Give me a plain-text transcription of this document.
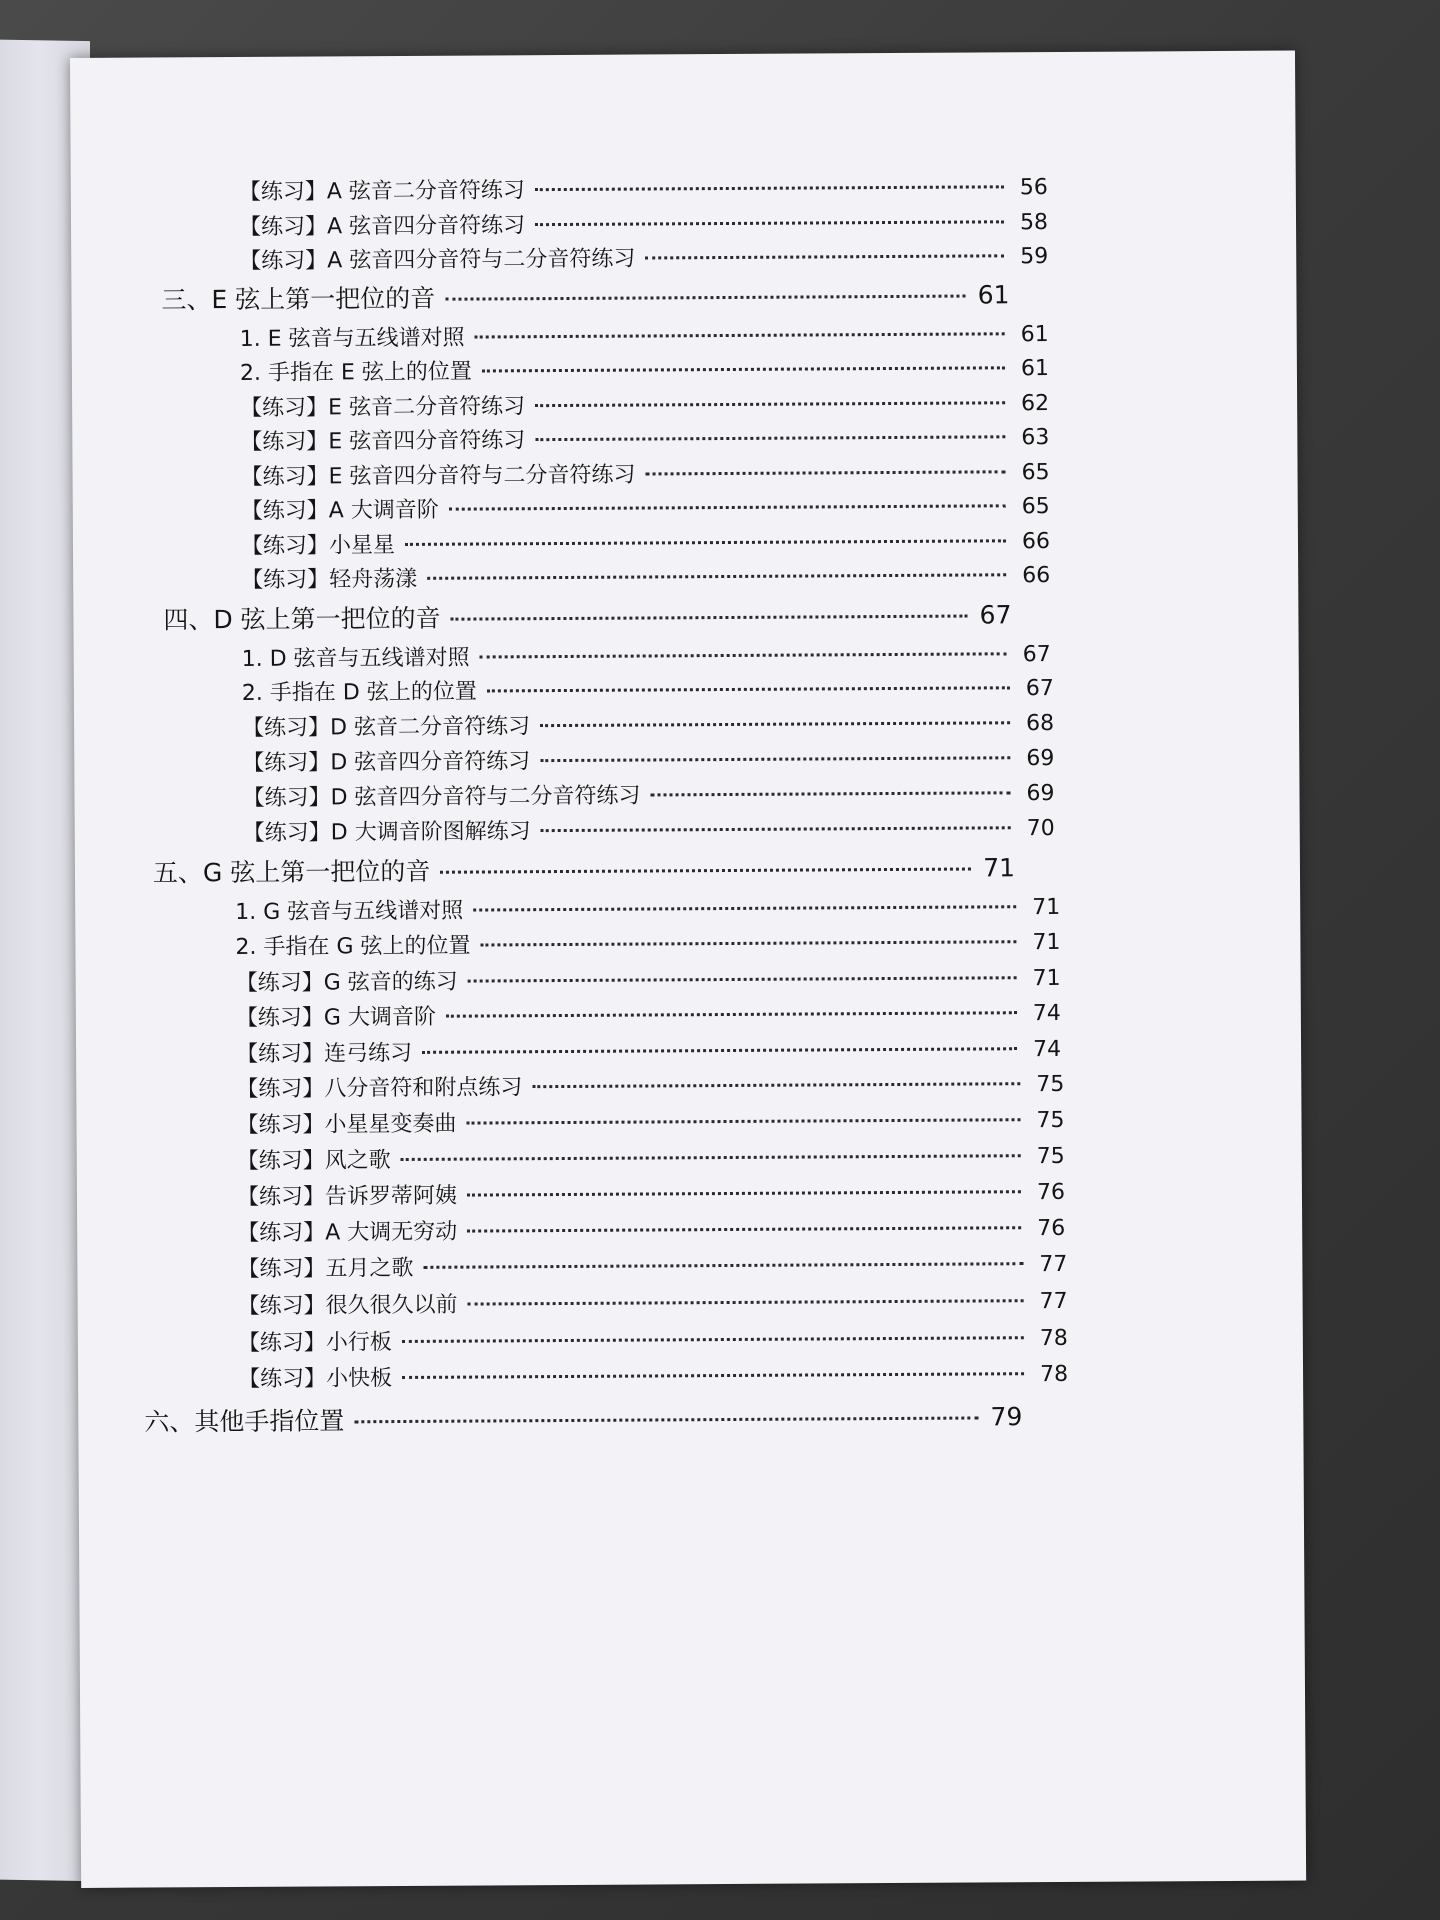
【练习】A 弦音二分音符练习	56
【练习】A 弦音四分音符练习	58
【练习】A 弦音四分音符与二分音符练习	59
三、E 弦上第一把位的音	61
1. E 弦音与五线谱对照	61
2. 手指在 E 弦上的位置	61
【练习】E 弦音二分音符练习	62
【练习】E 弦音四分音符练习	63
【练习】E 弦音四分音符与二分音符练习	65
【练习】A 大调音阶	65
【练习】小星星	66
【练习】轻舟荡漾	66
四、D 弦上第一把位的音	67
1. D 弦音与五线谱对照	67
2. 手指在 D 弦上的位置	67
【练习】D 弦音二分音符练习	68
【练习】D 弦音四分音符练习	69
【练习】D 弦音四分音符与二分音符练习	69
【练习】D 大调音阶图解练习	70
五、G 弦上第一把位的音	71
1. G 弦音与五线谱对照	71
2. 手指在 G 弦上的位置	71
【练习】G 弦音的练习	71
【练习】G 大调音阶	74
【练习】连弓练习	74
【练习】八分音符和附点练习	75
【练习】小星星变奏曲	75
【练习】风之歌	75
【练习】告诉罗蒂阿姨	76
【练习】A 大调无穷动	76
【练习】五月之歌	77
【练习】很久很久以前	77
【练习】小行板	78
【练习】小快板	78
六、其他手指位置	79
